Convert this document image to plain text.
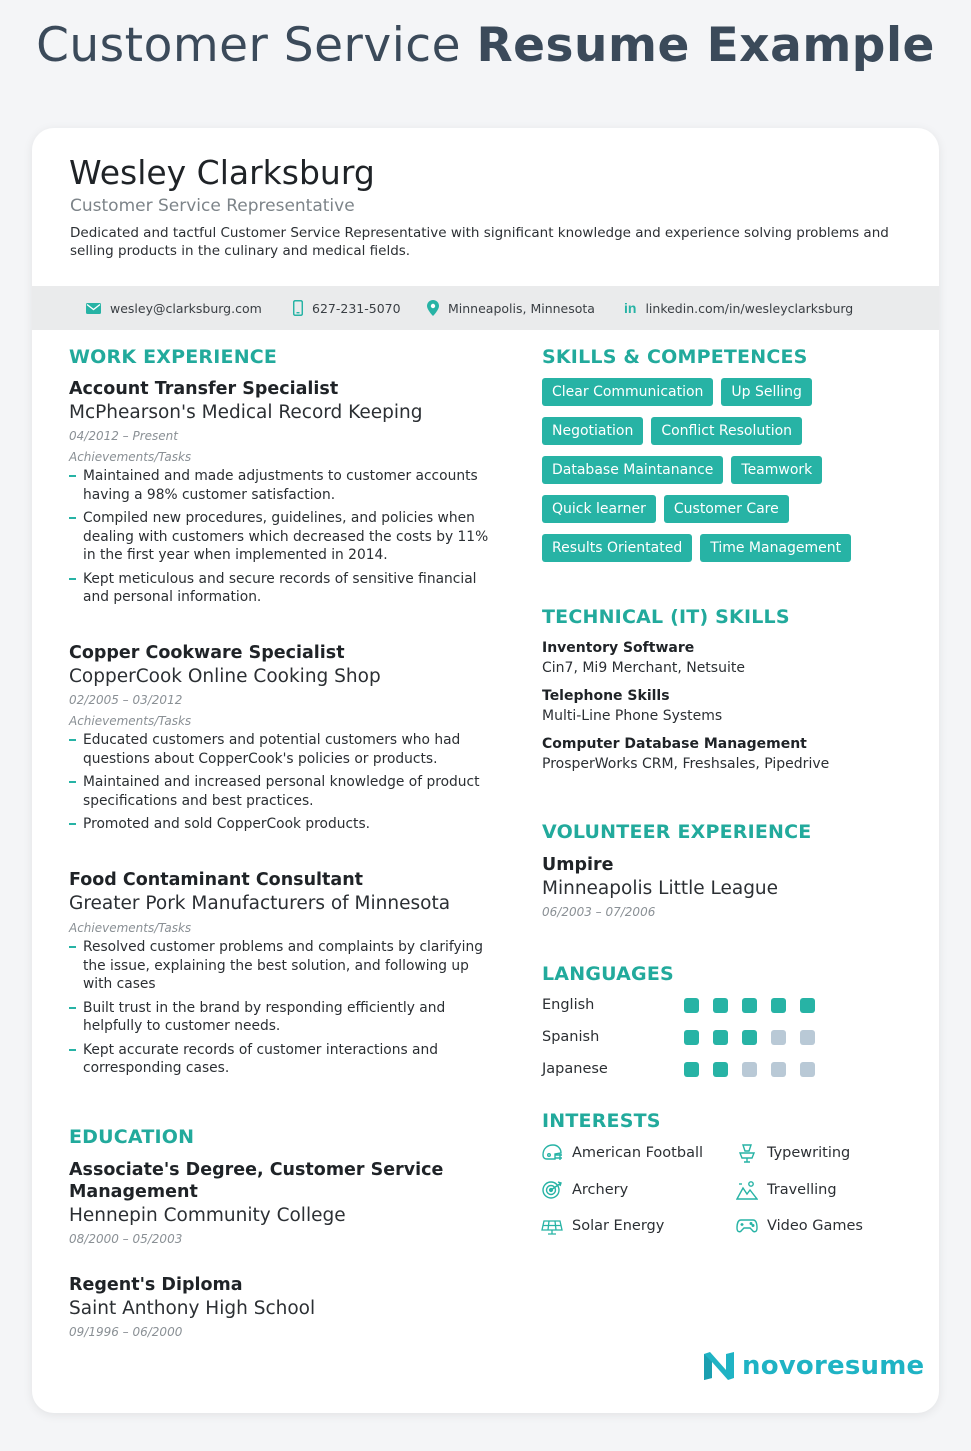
Customer Service Resume Example
Wesley Clarksburg
Customer Service Representative
Dedicated and tactful Customer Service Representative with significant knowledge and experience solving problems and selling products in the culinary and medical fields.
wesley@clarksburg.com	627-231-5070	Minneapolis, Minnesota in linkedin.com/in/wesleyclarksburg
WORK EXPERIENCE
Account Transfer Specialist
McPhearson's Medical Record Keeping
04/2012 – Present
Achievements/Tasks
Maintained and made adjustments to customer accounts having a 98% customer satisfaction.
Compiled new procedures, guidelines, and policies when dealing with customers which decreased the costs by 11% in the first year when implemented in 2014.
Kept meticulous and secure records of sensitive financial and personal information.
Copper Cookware Specialist
CopperCook Online Cooking Shop
02/2005 – 03/2012
Achievements/Tasks
Educated customers and potential customers who had questions about CopperCook's policies or products.
Maintained and increased personal knowledge of product specifications and best practices.
Promoted and sold CopperCook products.
Food Contaminant Consultant
Greater Pork Manufacturers of Minnesota
Achievements/Tasks
Resolved customer problems and complaints by clarifying the issue, explaining the best solution, and following up with cases
Built trust in the brand by responding efficiently and helpfully to customer needs.
Kept accurate records of customer interactions and corresponding cases.
EDUCATION
Associate's Degree, Customer Service Management
Hennepin Community College
08/2000 – 05/2003
Regent's Diploma
Saint Anthony High School
09/1996 – 06/2000
SKILLS & COMPETENCES
Clear Communication	Up Selling
Negotiation	Conflict Resolution
Database Maintanance	Teamwork
Quick learner	Customer Care
Results Orientated	Time Management
TECHNICAL (IT) SKILLS
Inventory Software
Cin7, Mi9 Merchant, Netsuite
Telephone Skills
Multi-Line Phone Systems
Computer Database Management
ProsperWorks CRM, Freshsales, Pipedrive
VOLUNTEER EXPERIENCE
Umpire
Minneapolis Little League
06/2003 – 07/2006
LANGUAGES
English
Spanish
Japanese
INTERESTS
American Football	Typewriting
Archery	Travelling
Solar Energy	Video Games
novoresume
